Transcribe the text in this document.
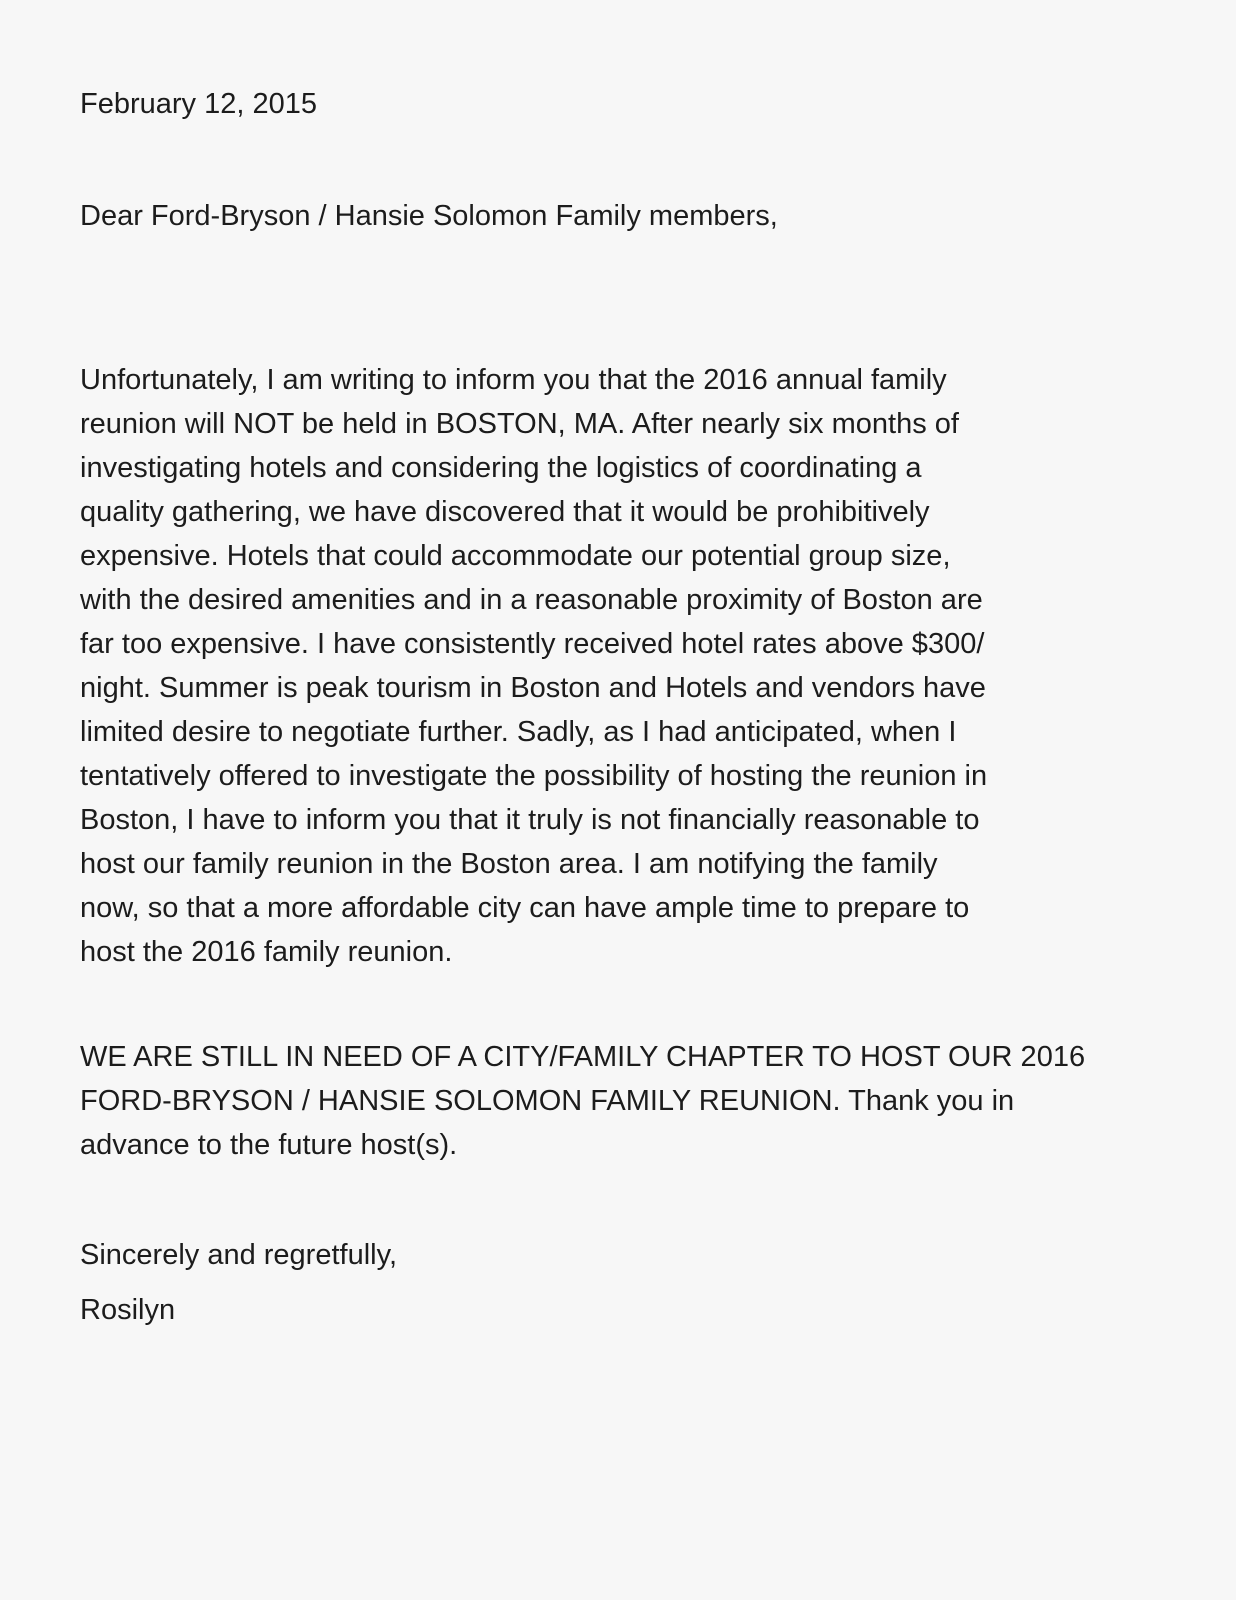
February 12, 2015

Dear Ford-Bryson / Hansie Solomon Family members,

Unfortunately, I am writing to inform you that the 2016 annual family
reunion will NOT be held in BOSTON, MA. After nearly six months of
investigating hotels and considering the logistics of coordinating a
quality gathering, we have discovered that it would be prohibitively
expensive. Hotels that could accommodate our potential group size,
with the desired amenities and in a reasonable proximity of Boston are
far too expensive. I have consistently received hotel rates above $300/
night. Summer is peak tourism in Boston and Hotels and vendors have
limited desire to negotiate further. Sadly, as I had anticipated, when I
tentatively offered to investigate the possibility of hosting the reunion in
Boston, I have to inform you that it truly is not financially reasonable to
host our family reunion in the Boston area. I am notifying the family
now, so that a more affordable city can have ample time to prepare to
host the 2016 family reunion.
WE ARE STILL IN NEED OF A CITY/FAMILY CHAPTER TO HOST OUR 2016
FORD-BRYSON / HANSIE SOLOMON FAMILY REUNION. Thank you in
advance to the future host(s).

Sincerely and regretfully,

Rosilyn
